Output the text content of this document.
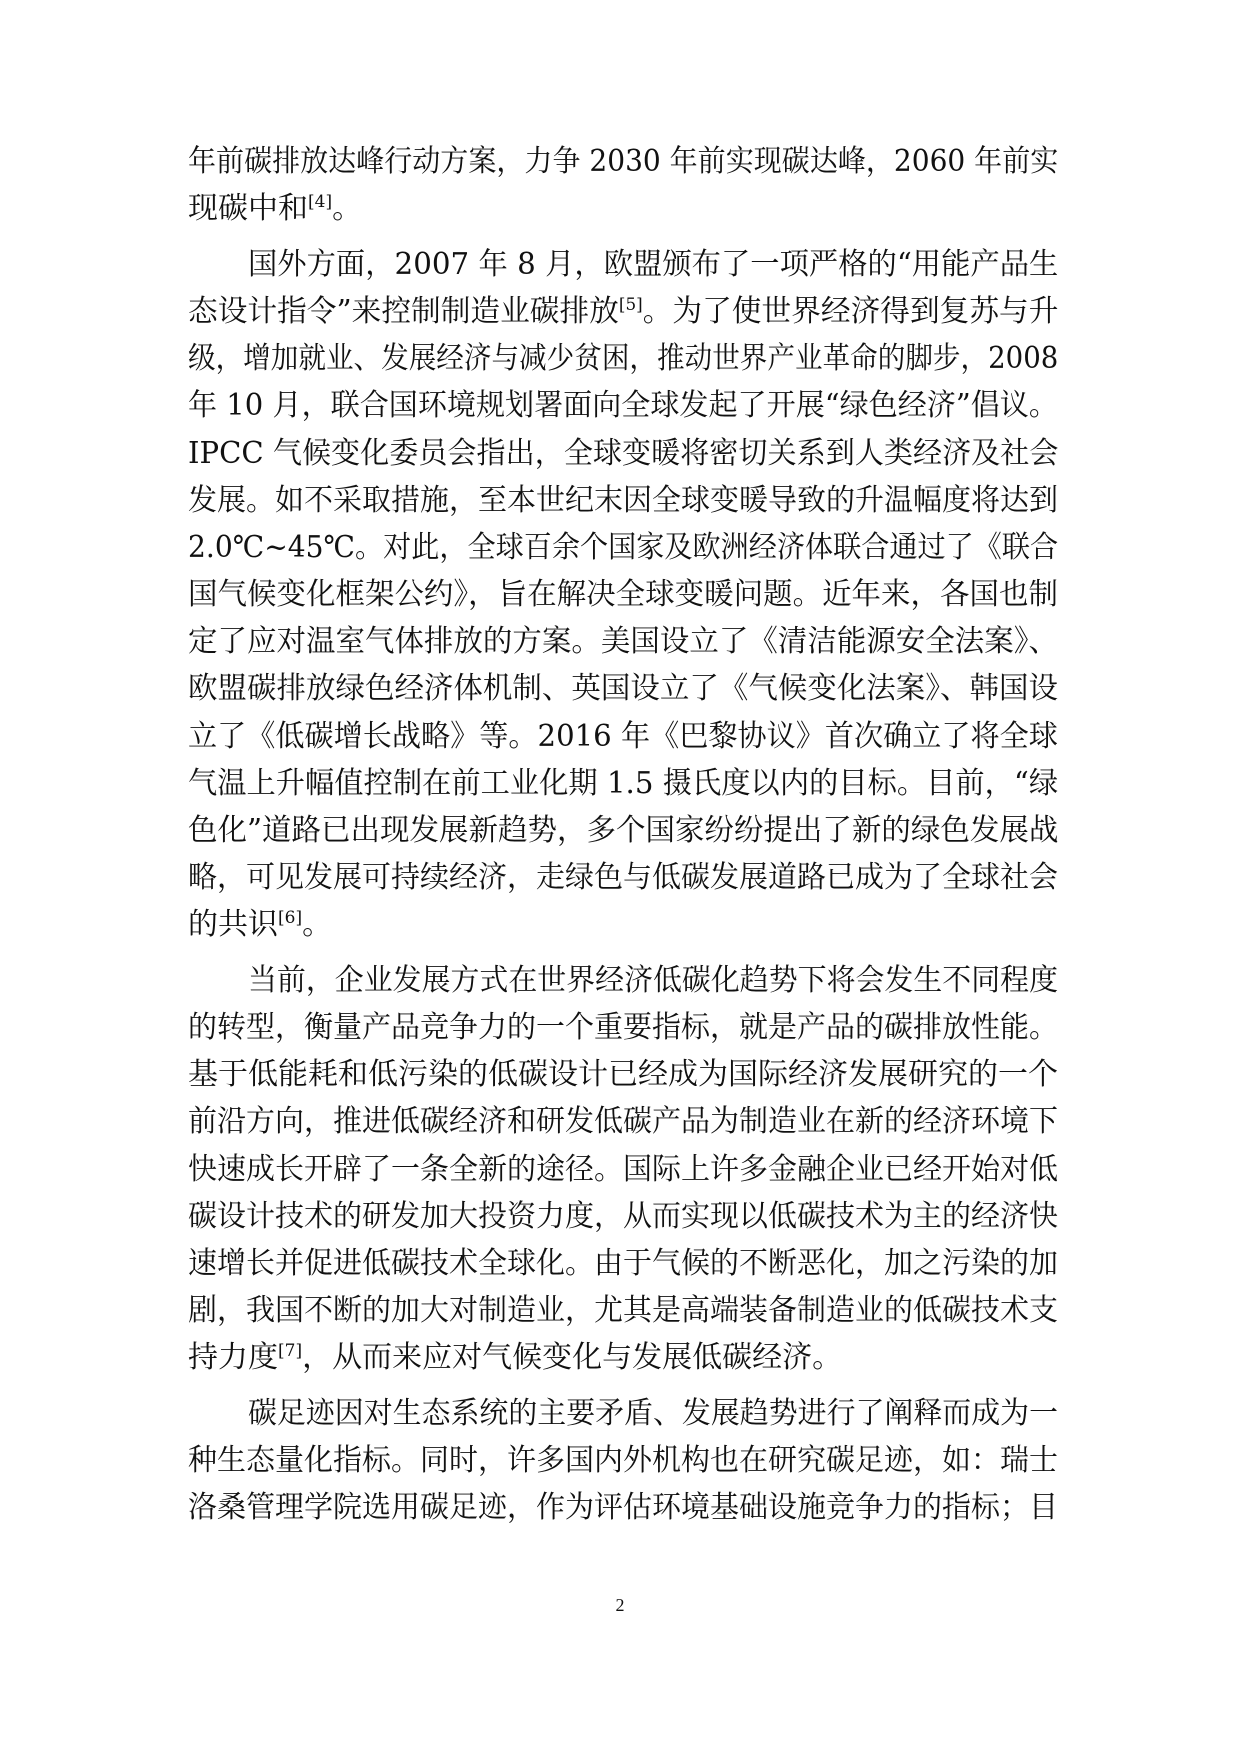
年前碳排放达峰行动方案，力争 2030 年前实现碳达峰，2060 年前实
现碳中和[4]。
国外方面，2007 年 8 月，欧盟颁布了一项严格的“用能产品生
态设计指令”来控制制造业碳排放[5]。为了使世界经济得到复苏与升
级，增加就业、发展经济与减少贫困，推动世界产业革命的脚步，2008
年 10 月，联合国环境规划署面向全球发起了开展“绿色经济”倡议。
IPCC 气候变化委员会指出，全球变暖将密切关系到人类经济及社会
发展。如不采取措施，至本世纪末因全球变暖导致的升温幅度将达到
2.0℃~45℃。对此，全球百余个国家及欧洲经济体联合通过了《联合
国气候变化框架公约》，旨在解决全球变暖问题。近年来，各国也制
定了应对温室气体排放的方案。美国设立了《清洁能源安全法案》、
欧盟碳排放绿色经济体机制、英国设立了《气候变化法案》、韩国设
立了《低碳增长战略》等。2016 年《巴黎协议》首次确立了将全球
气温上升幅值控制在前工业化期 1.5 摄氏度以内的目标。目前，“绿
色化”道路已出现发展新趋势，多个国家纷纷提出了新的绿色发展战
略，可见发展可持续经济，走绿色与低碳发展道路已成为了全球社会
的共识[6]。
当前，企业发展方式在世界经济低碳化趋势下将会发生不同程度
的转型，衡量产品竞争力的一个重要指标，就是产品的碳排放性能。
基于低能耗和低污染的低碳设计已经成为国际经济发展研究的一个
前沿方向，推进低碳经济和研发低碳产品为制造业在新的经济环境下
快速成长开辟了一条全新的途径。国际上许多金融企业已经开始对低
碳设计技术的研发加大投资力度，从而实现以低碳技术为主的经济快
速增长并促进低碳技术全球化。由于气候的不断恶化，加之污染的加
剧，我国不断的加大对制造业，尤其是高端装备制造业的低碳技术支
持力度[7]，从而来应对气候变化与发展低碳经济。
碳足迹因对生态系统的主要矛盾、发展趋势进行了阐释而成为一
种生态量化指标。同时，许多国内外机构也在研究碳足迹，如：瑞士
洛桑管理学院选用碳足迹，作为评估环境基础设施竞争力的指标；目
2
